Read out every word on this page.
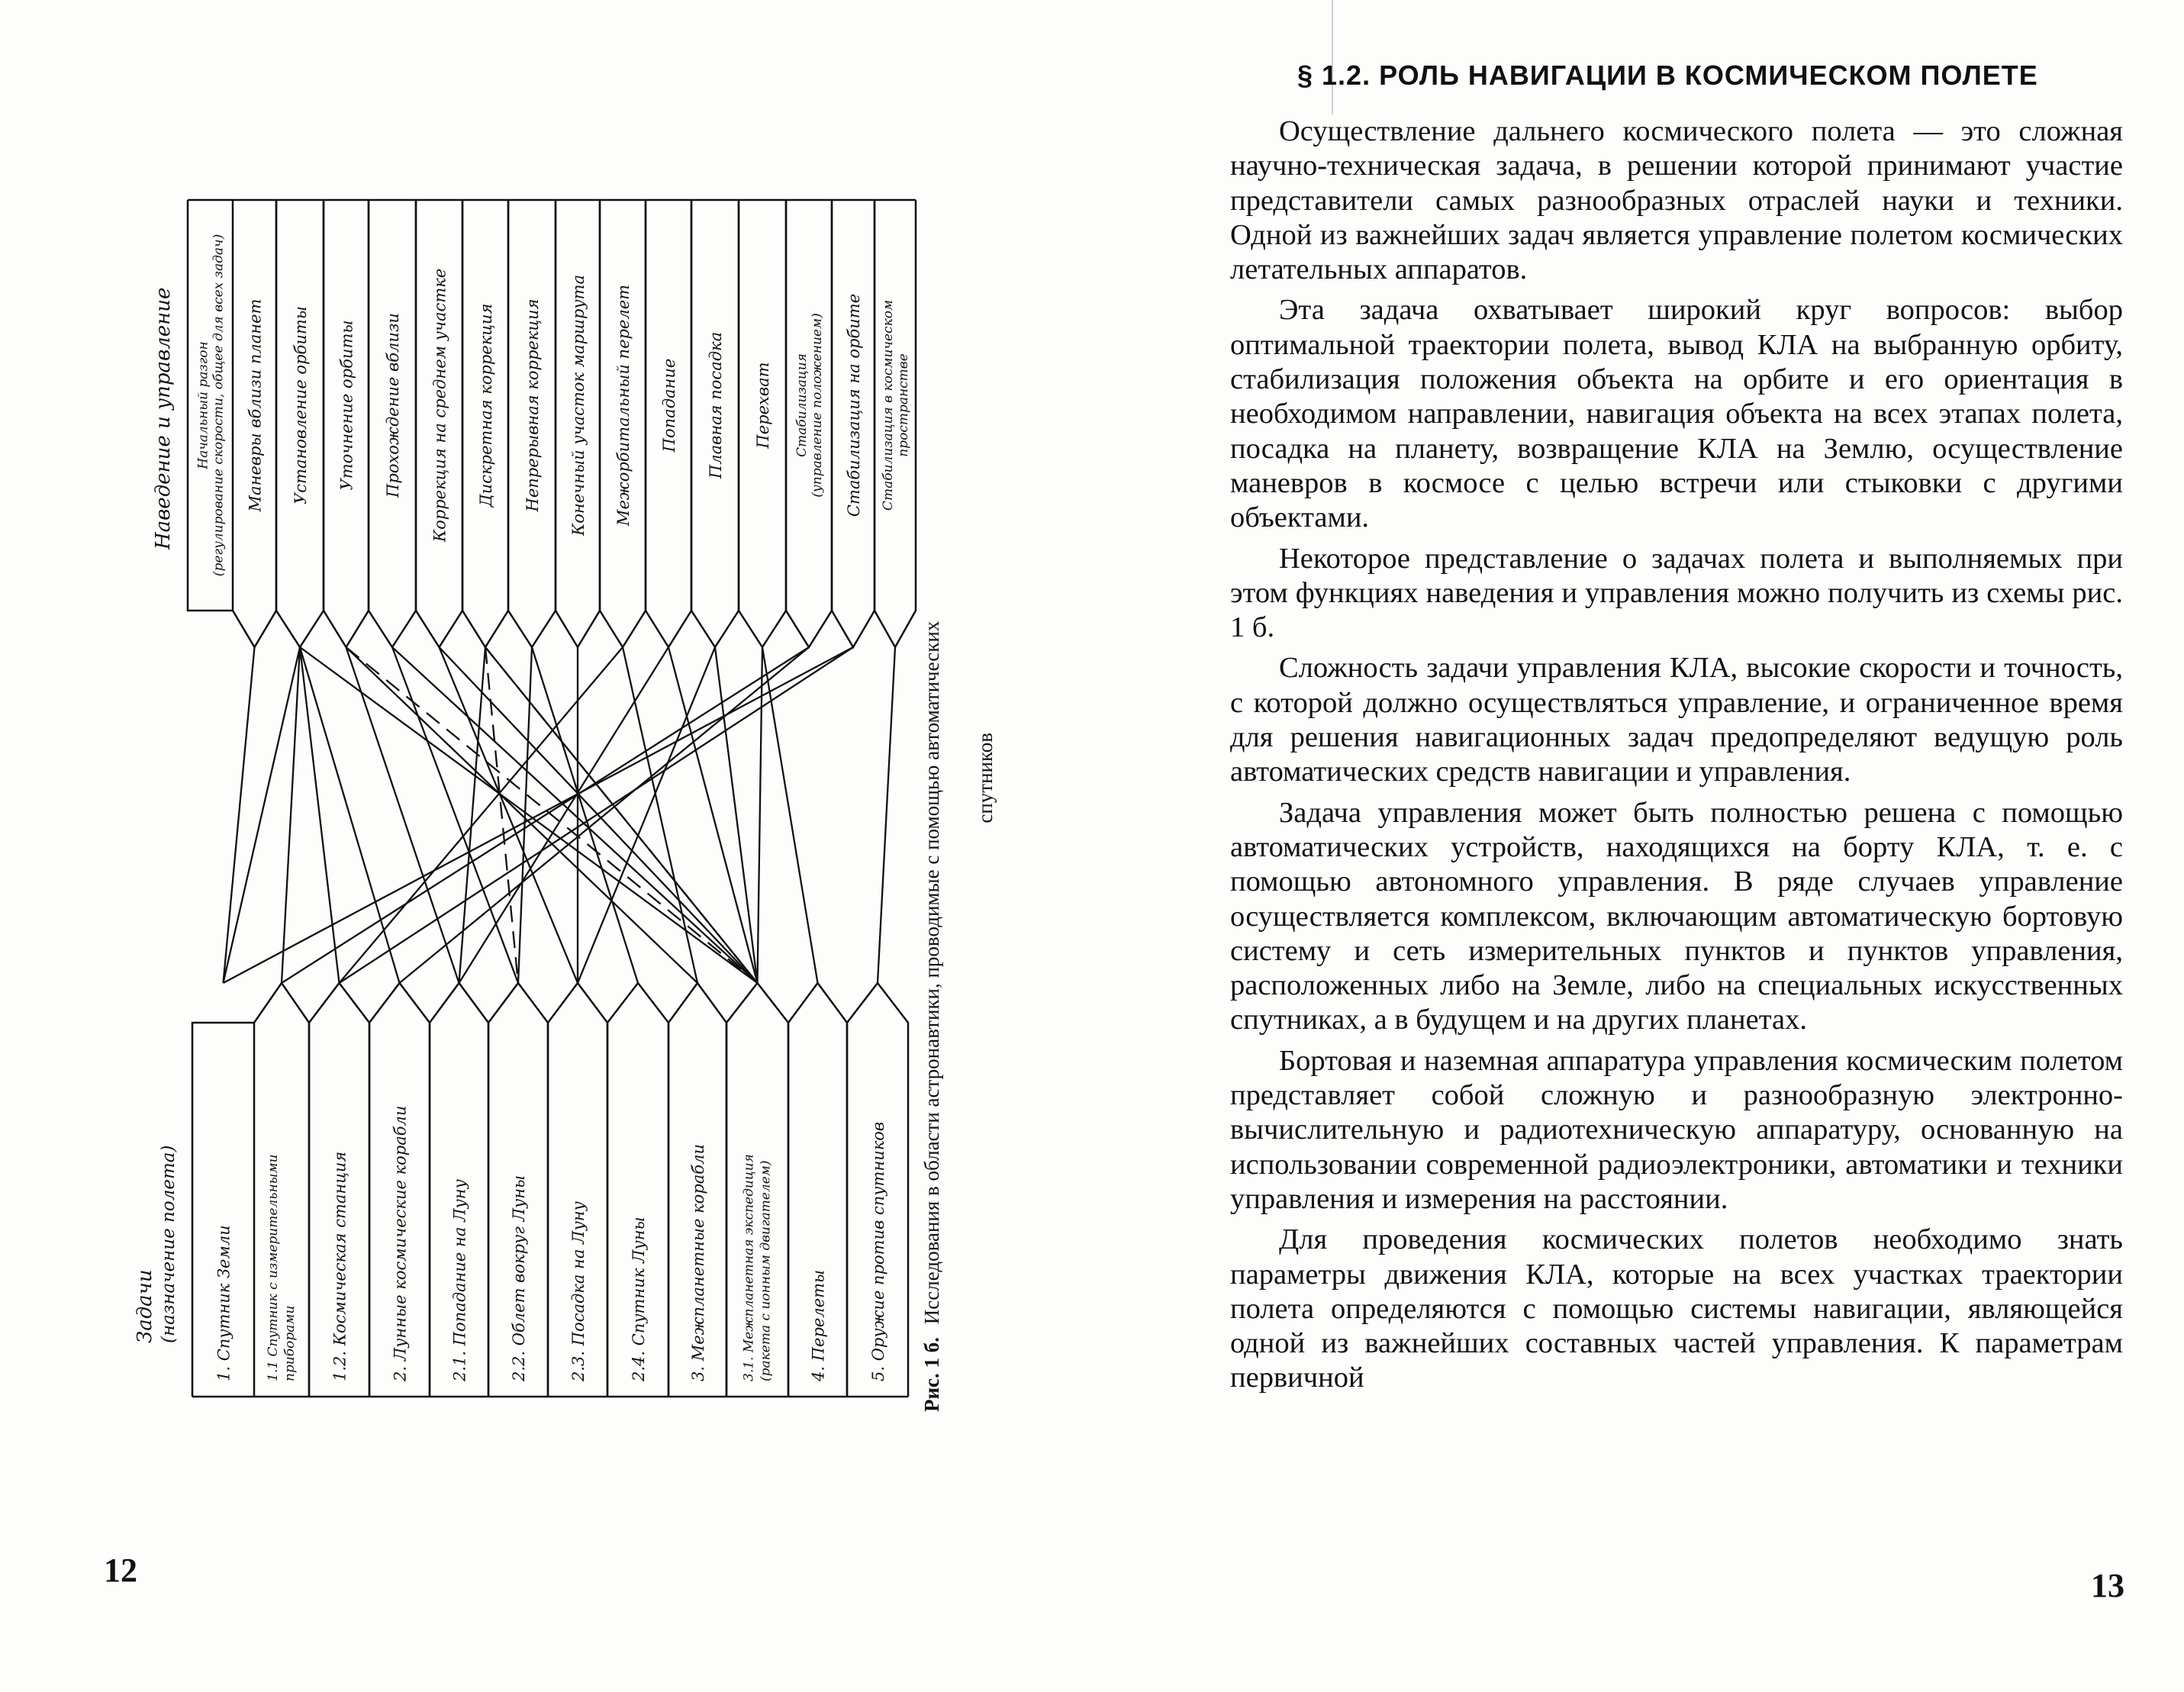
Начальный разгон (регулирование скорости, общее для всех задач) Маневры вблизи планет Установление орбиты Уточнение орбиты Прохождение вблизи Коррекция на среднем участке Дискретная коррекция Непрерывная коррекция Конечный участок маршрута Межорбитальный перелет Попадание Плавная посадка Перехват Стабилизация (управление положением) Стабилизация на орбите Стабилизация в космическом пространстве
1. Спутник Земли	1.1 Спутник с измерительными приборами 1.2. Космическая станция	2. Лунные космические корабли	2.1. Попадание на Луну	2.2. Облет вокруг Луны	2.3. Посадка на Луну	2.4. Спутник Луны	3. Межпланетные корабли	3.1. Межпланетная экспедиция (ракета с ионным двигателем) 4. Перелеты	5. Оружие против спутников
Наведение и управление
Задачи (назначение полета)
Рис. 1 б. Исследования в области астронавтики, проводимые с помощью автоматических спутников

12

§ 1.2. РОЛЬ НАВИГАЦИИ В КОСМИЧЕСКОМ ПОЛЕТЕ

Осуществление дальнего космического полета — это сложная научно-техническая задача, в решении которой принимают участие представители самых разнообразных отраслей науки и техники. Одной из важнейших задач является управление полетом космических летательных аппаратов.

Эта задача охватывает широкий круг вопросов: выбор оптимальной траектории полета, вывод КЛА на выбранную орбиту, стабилизация положения объекта на орбите и его ориентация в необходимом направлении, навигация объекта на всех этапах полета, посадка на планету, возвращение КЛА на Землю, осуществление маневров в космосе с целью встречи или стыковки с другими объектами.

Некоторое представление о задачах полета и выполняемых при этом функциях наведения и управления можно получить из схемы рис. 1 б.

Сложность задачи управления КЛА, высокие скорости и точность, с которой должно осуществляться управление, и ограниченное время для решения навигационных задач предопределяют ведущую роль автоматических средств навигации и управления.

Задача управления может быть полностью решена с помощью автоматических устройств, находящихся на борту КЛА, т. е. с помощью автономного управления. В ряде случаев управление осуществляется комплексом, включающим автоматическую бортовую систему и сеть измерительных пунктов и пунктов управления, расположенных либо на Земле, либо на специальных искусственных спутниках, а в будущем и на других планетах.

Бортовая и наземная аппаратура управления космическим полетом представляет собой сложную и разнообразную электронно-вычислительную и радиотехническую аппаратуру, основанную на использовании современной радиоэлектроники, автоматики и техники управления и измерения на расстоянии.

Для проведения космических полетов необходимо знать параметры движения КЛА, которые на всех участках траектории полета определяются с помощью системы навигации, являющейся одной из важнейших составных частей управления. К параметрам первичной

13
